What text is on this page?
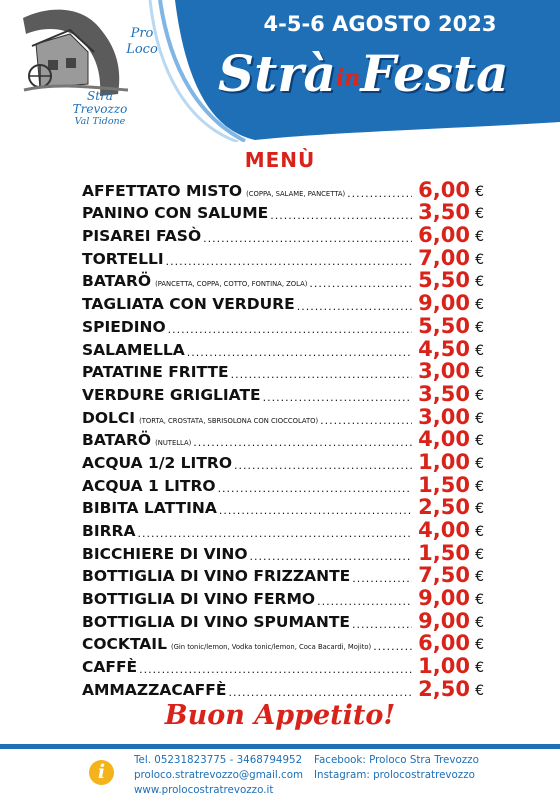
Pro
Loco
Strà
Trevozzo
Val Tidone
4-5-6 AGOSTO 2023
StràinFesta
MENÙ
AFFETTATO MISTO (COPPA, SALAME, PANCETTA) .....	6,00 €
PANINO CON SALUME .....	3,50 €
PISAREI FASÒ .....	6,00 €
TORTELLI .....	7,00 €
BATARÖ (PANCETTA, COPPA, COTTO, FONTINA, ZOLA) .....	5,50 €
TAGLIATA CON VERDURE .....	9,00 €
SPIEDINO .....	5,50 €
SALAMELLA .....	4,50 €
PATATINE FRITTE .....	3,00 €
VERDURE GRIGLIATE .....	3,50 €
DOLCI (TORTA, CROSTATA, SBRISOLONA CON CIOCCOLATO) .....	3,00 €
BATARÖ (NUTELLA) .....	4,00 €
ACQUA 1/2 LITRO .....	1,00 €
ACQUA 1 LITRO .....	1,50 €
BIBITA LATTINA .....	2,50 €
BIRRA .....	4,00 €
BICCHIERE DI VINO .....	1,50 €
BOTTIGLIA DI VINO FRIZZANTE .....	7,50 €
BOTTIGLIA DI VINO FERMO .....	9,00 €
BOTTIGLIA DI VINO SPUMANTE .....	9,00 €
COCKTAIL (Gin tonic/lemon, Vodka tonic/lemon, Coca Bacardi, Mojito) ..... 6,00 €
CAFFÈ .....	1,00 €
AMMAZZACAFFÈ .....	2,50 €
Buon Appetito!
i
Tel. 05231823775 - 3468794952
proloco.stratrevozzo@gmail.com
www.prolocostratrevozzo.it
Facebook: Proloco Stra Trevozzo
Instagram: prolocostratrevozzo
